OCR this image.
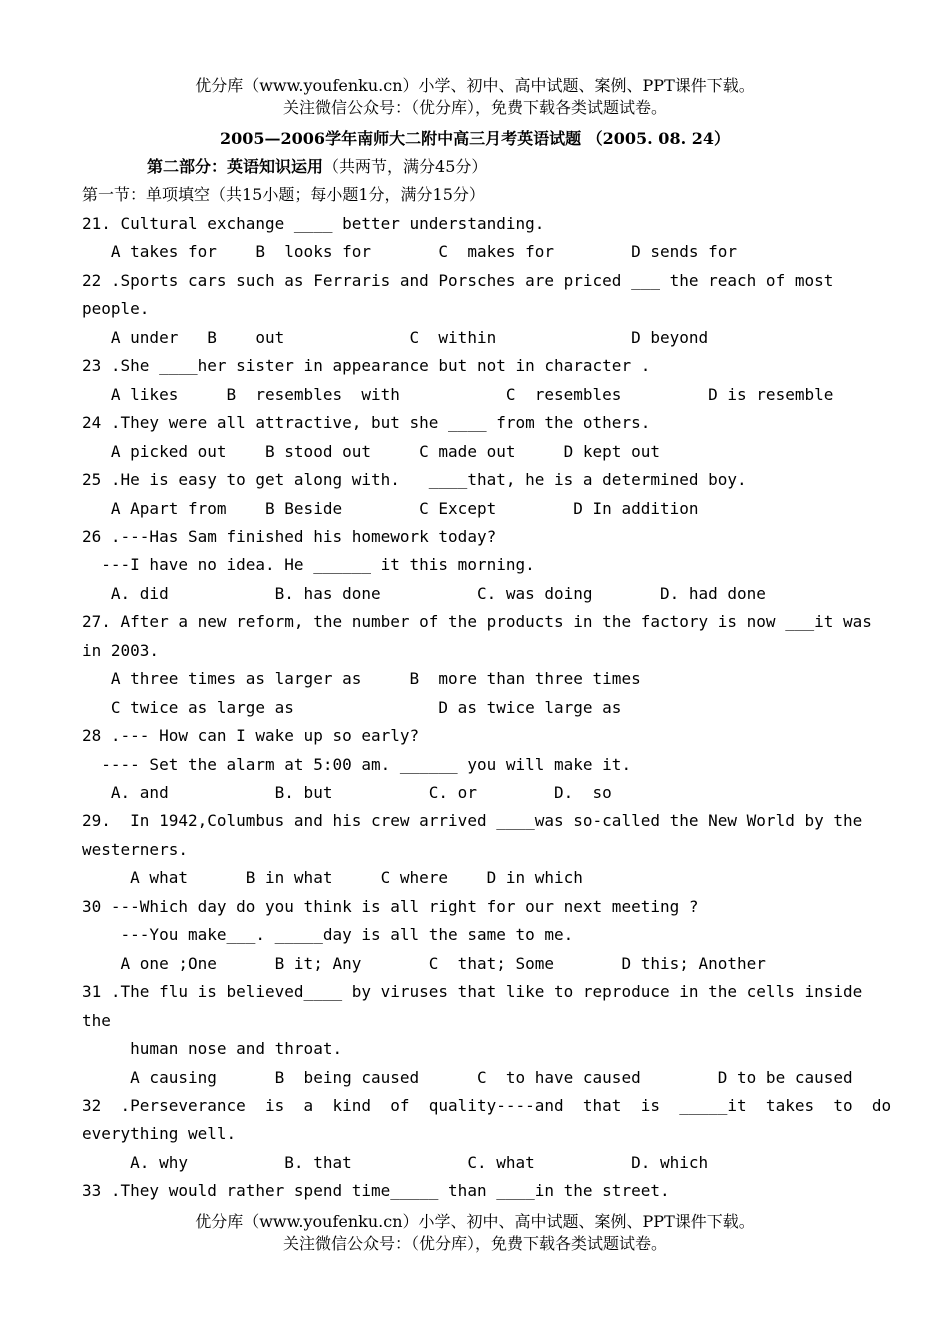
优分库（www.youfenku.cn）小学、初中、高中试题、案例、PPT课件下载。
关注微信公众号：（优分库），免费下载各类试题试卷。
2005—2006学年南师大二附中高三月考英语试题 （2005. 08. 24）
第二部分：英语知识运用（共两节，满分45分）
第一节：单项填空（共15小题；每小题1分，满分15分）
21. Cultural exchange ____ better understanding.
A takes for    B  looks for       C  makes for        D sends for
22 .Sports cars such as Ferraris and Porsches are priced ___ the reach of most
people.
A under   B    out             C  within              D beyond
23 .She ____her sister in appearance but not in character .
A likes     B  resembles  with           C  resembles         D is resemble
24 .They were all attractive, but she ____ from the others.
A picked out    B stood out     C made out     D kept out
25 .He is easy to get along with.   ____that, he is a determined boy.
A Apart from    B Beside        C Except        D In addition
26 .---Has Sam finished his homework today?
---I have no idea. He ______ it this morning.
A. did           B. has done          C. was doing       D. had done
27. After a new reform, the number of the products in the factory is now ___it was
in 2003.
A three times as larger as     B  more than three times
C twice as large as               D as twice large as
28 .--- How can I wake up so early?
---- Set the alarm at 5:00 am. ______ you will make it.
A. and           B. but          C. or        D.  so
29.  In 1942,Columbus and his crew arrived ____was so-called the New World by the
westerners.
A what      B in what     C where    D in which
30 ---Which day do you think is all right for our next meeting ?
---You make___. _____day is all the same to me.
A one ;One      B it; Any       C  that; Some       D this; Another
31 .The flu is believed____ by viruses that like to reproduce in the cells inside
the
human nose and throat.
A causing      B  being caused      C  to have caused        D to be caused
32  .Perseverance  is  a  kind  of  quality----and  that  is  _____it  takes  to  do
everything well.
A. why          B. that            C. what          D. which
33 .They would rather spend time_____ than ____in the street.
优分库（www.youfenku.cn）小学、初中、高中试题、案例、PPT课件下载。
关注微信公众号：（优分库），免费下载各类试题试卷。
